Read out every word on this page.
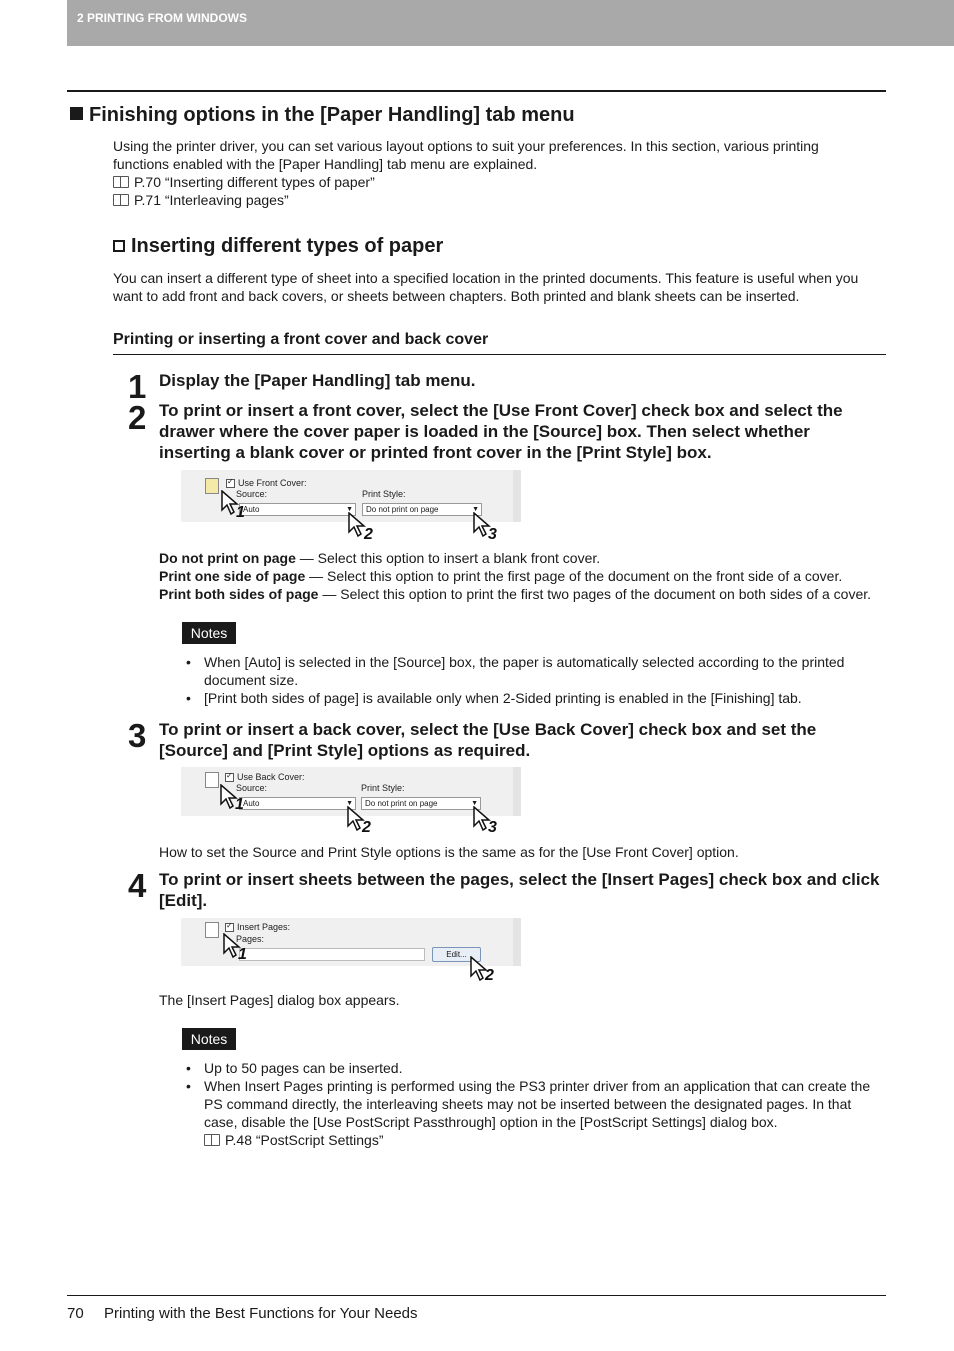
2 PRINTING FROM WINDOWS
Finishing options in the [Paper Handling] tab menu

Using the printer driver, you can set various layout options to suit your preferences. In this section, various printing

functions enabled with the [Paper Handling] tab menu are explained.

P.70 “Inserting different types of paper”

P.71 “Interleaving pages”

Inserting different types of paper

You can insert a different type of sheet into a specified location in the printed documents. This feature is useful when you

want to add front and back covers, or sheets between chapters. Both printed and blank sheets can be inserted.

Printing or inserting a front cover and back cover
1 Display the [Paper Handling] tab menu.

2 To print or insert a front cover, select the [Use Front Cover] check box and select the drawer where the cover paper is loaded in the [Source] box. Then select whether inserting a blank cover or printed front cover in the [Print Style] box.

✓
Use Front Cover:
Source:	Print Style:
Auto ▼	Do not print on page ▼
1
2	3

Do not print on page — Select this option to insert a blank front cover.

Print one side of page — Select this option to print the first page of the document on the front side of a cover.

Print both sides of page — Select this option to print the first two pages of the document on both sides of a cover.

Notes
• When [Auto] is selected in the [Source] box, the paper is automatically selected according to the printed document size.
• [Print both sides of page] is available only when 2-Sided printing is enabled in the [Finishing] tab.
3 To print or insert a back cover, select the [Use Back Cover] check box and set the [Source] and [Print Style] options as required.

✓
Use Back Cover:
Source:	Print Style:
Auto ▼	Do not print on page ▼
1
2	3

How to set the Source and Print Style options is the same as for the [Use Front Cover] option.

4 To print or insert sheets between the pages, select the [Insert Pages] check box and click [Edit].

✓
Insert Pages:
Pages:
Edit...
1
2

The [Insert Pages] dialog box appears.

Notes
• Up to 50 pages can be inserted.
• When Insert Pages printing is performed using the PS3 printer driver from an application that can create the PS command directly, the interleaving sheets may not be inserted between the designated pages. In that case, disable the [Use PostScript Passthrough] option in the [PostScript Settings] dialog box.
P.48 “PostScript Settings”
70 Printing with the Best Functions for Your Needs
